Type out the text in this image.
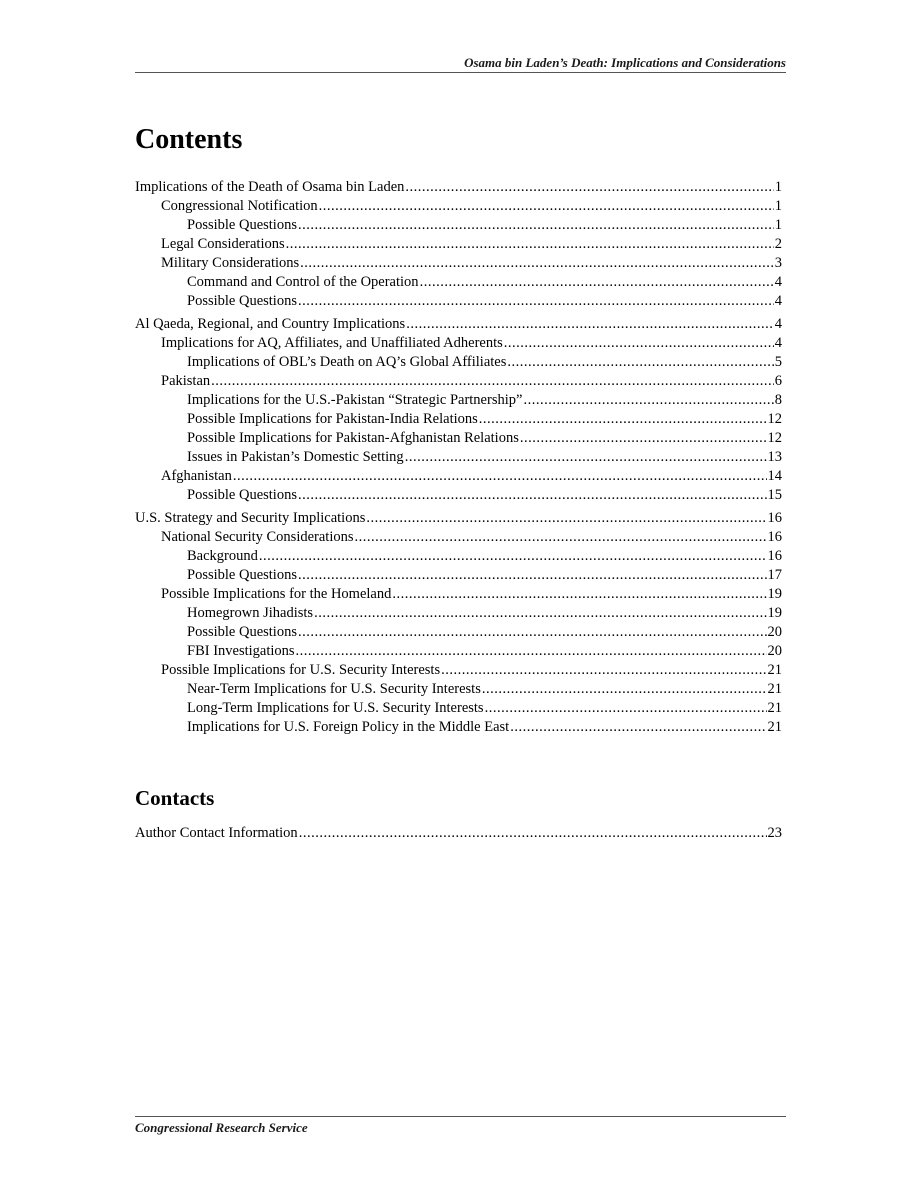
Osama bin Laden’s Death: Implications and Considerations
Contents
Implications of the Death of Osama bin Laden .....	1
Congressional Notification .....	1
Possible Questions .....	1
Legal Considerations .....	2
Military Considerations .....	3
Command and Control of the Operation .....	4
Possible Questions .....	4
Al Qaeda, Regional, and Country Implications .....	4
Implications for AQ, Affiliates, and Unaffiliated Adherents .....	4
Implications of OBL’s Death on AQ’s Global Affiliates .....	5
Pakistan .....	6
Implications for the U.S.-Pakistan “Strategic Partnership” .....	8
Possible Implications for Pakistan-India Relations .....	12
Possible Implications for Pakistan-Afghanistan Relations .....	12
Issues in Pakistan’s Domestic Setting .....	13
Afghanistan .....	14
Possible Questions .....	15
U.S. Strategy and Security Implications .....	16
National Security Considerations .....	16
Background .....	16
Possible Questions .....	17
Possible Implications for the Homeland .....	19
Homegrown Jihadists .....	19
Possible Questions .....	20
FBI Investigations .....	20
Possible Implications for U.S. Security Interests .....	21
Near-Term Implications for U.S. Security Interests .....	21
Long-Term Implications for U.S. Security Interests .....	21
Implications for U.S. Foreign Policy in the Middle East .....	21
Contacts
Author Contact Information .....	23
Congressional Research Service
